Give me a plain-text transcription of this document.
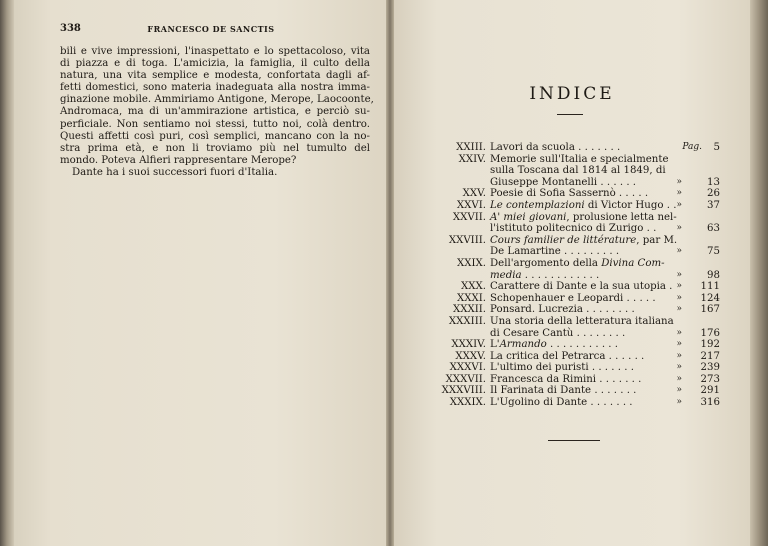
338	FRANCESCO DE SANCTIS

bili e vive impressioni, l'inaspettato e lo spettacoloso, vita

di piazza e di toga. L'amicizia, la famiglia, il culto della

natura, una vita semplice e modesta, confortata dagli af-

fetti domestici, sono materia inadeguata alla nostra imma-

ginazione mobile. Ammiriamo Antigone, Merope, Laocoonte,

Andromaca, ma di un'ammirazione artistica, e perciò su-

perficiale. Non sentiamo noi stessi, tutto noi, colà dentro.

Questi affetti così puri, così semplici, mancano con la no-

stra prima età, e non li troviamo più nel tumulto del

mondo. Poteva Alfieri rappresentare Merope?

Dante ha i suoi successori fuori d'Italia.

INDICE
XXIII. Lavori da scuola . . . . . . .	Pag. 5
XXIV. Memorie sull'Italia e specialmente
sulla Toscana dal 1814 al 1849, di
Giuseppe Montanelli . . . . . .	» 13
XXV. Poesie di Sofia Sassernò . . . . .	» 26
XXVI. Le contemplazioni di Victor Hugo . . » 37
XXVII. A' miei giovani, prolusione letta nel-
l'istituto politecnico di Zurigo . . » 63
XXVIII. Cours familier de littérature, par M.
De Lamartine . . . . . . . . .	» 75
XXIX. Dell'argomento della Divina Com-
media . . . . . . . . . . . .	» 98
XXX. Carattere di Dante e la sua utopia . » 111
XXXI. Schopenhauer e Leopardi . . . . . » 124
XXXII. Ponsard. Lucrezia . . . . . . . .	» 167
XXXIII. Una storia della letteratura italiana
di Cesare Cantù . . . . . . . .	» 176
XXXIV. L'Armando . . . . . . . . . . .	» 192
XXXV. La critica del Petrarca . . . . . .	» 217
XXXVI. L'ultimo dei puristi . . . . . . .	» 239
XXXVII. Francesca da Rimini . . . . . . .	» 273
XXXVIII. Il Farinata di Dante . . . . . . .	» 291
XXXIX. L'Ugolino di Dante . . . . . . .	» 316
